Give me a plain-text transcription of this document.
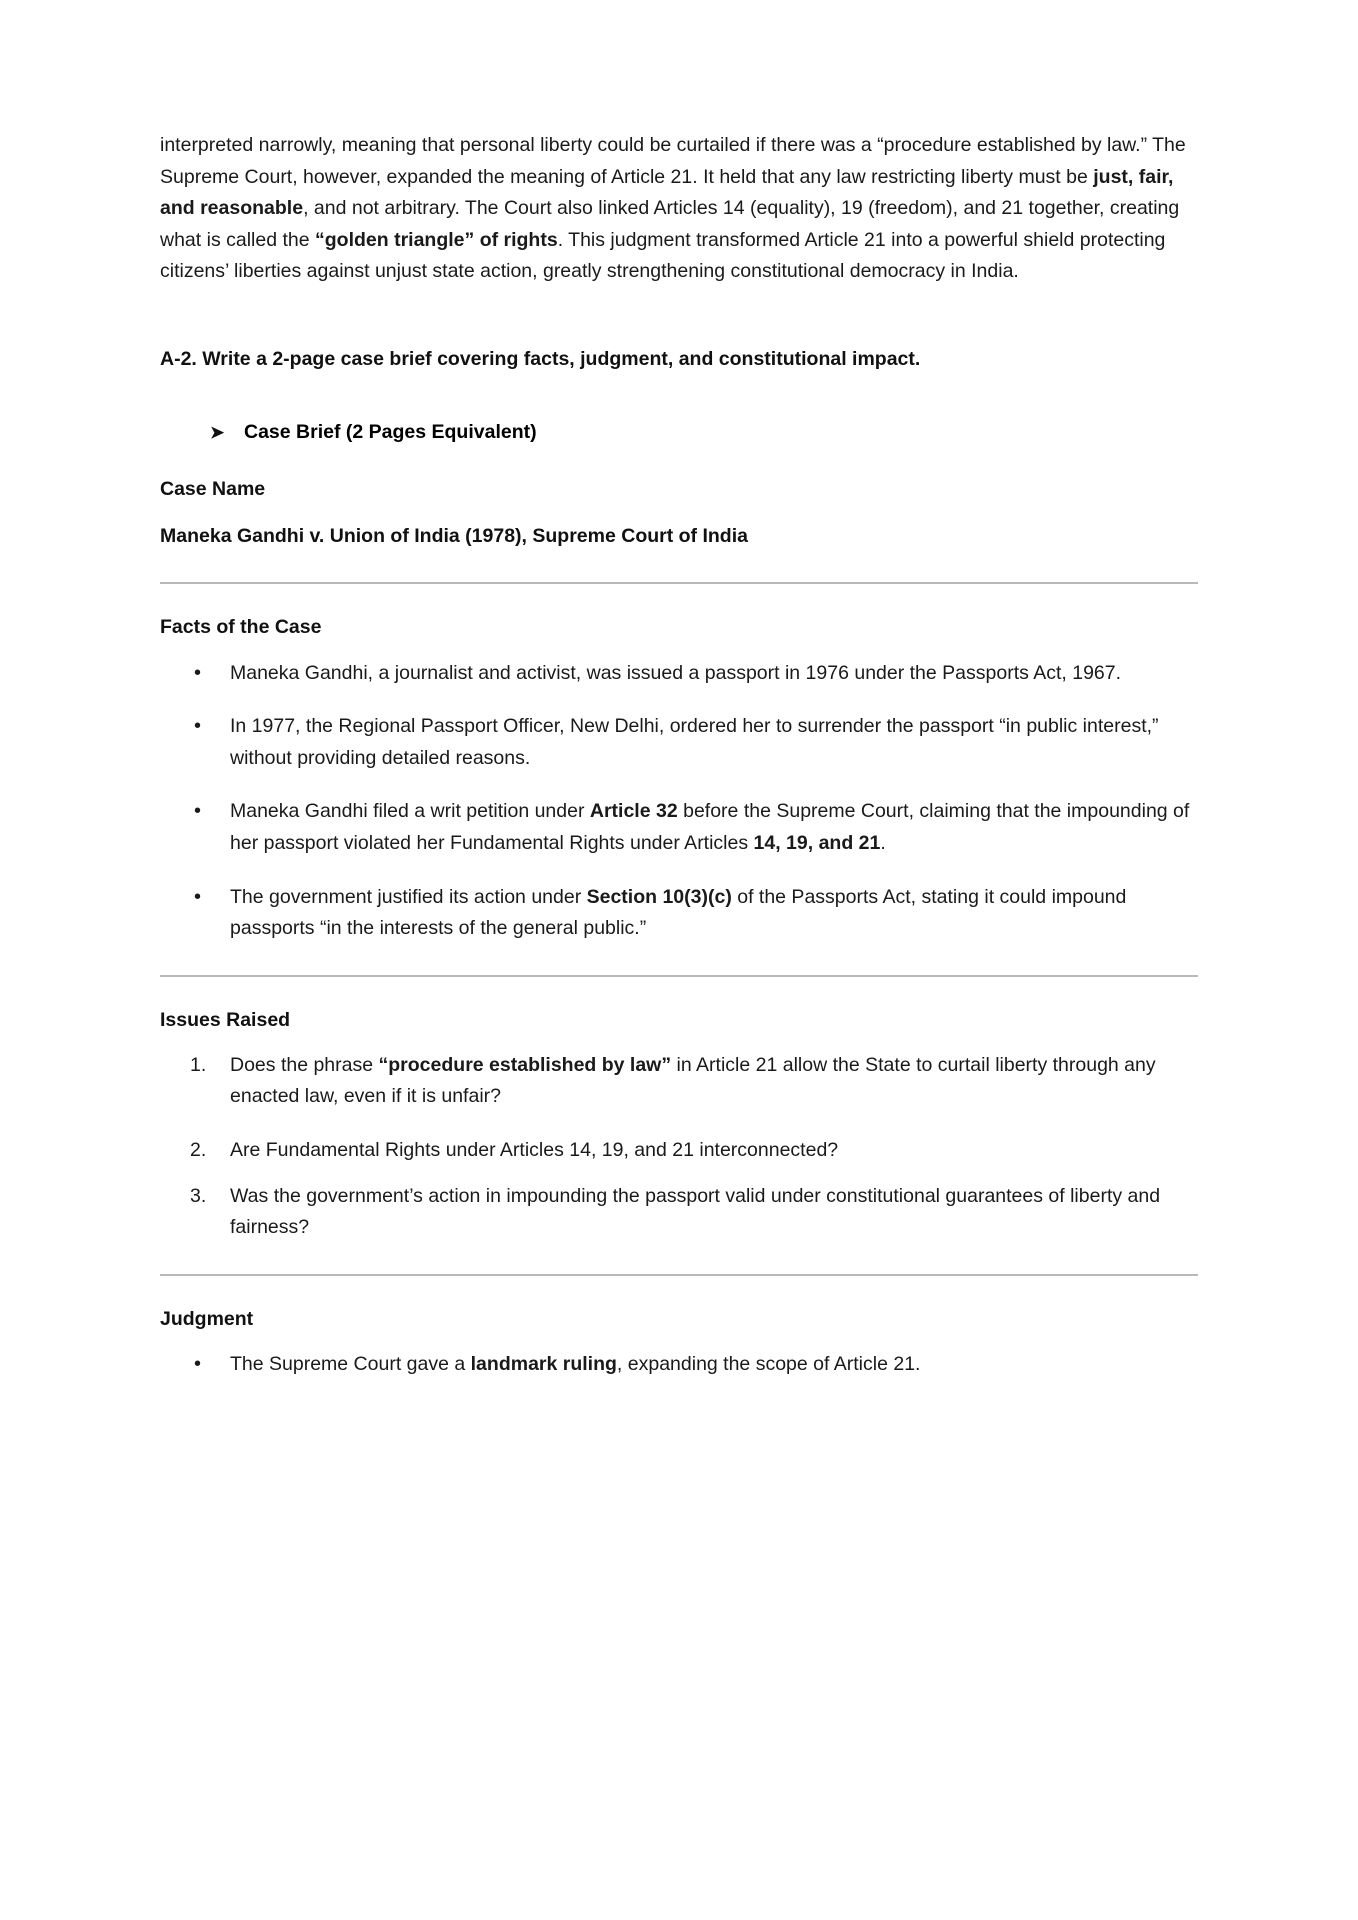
interpreted narrowly, meaning that personal liberty could be curtailed if there was a “procedure established by law.” The Supreme Court, however, expanded the meaning of Article 21. It held that any law restricting liberty must be just, fair, and reasonable, and not arbitrary. The Court also linked Articles 14 (equality), 19 (freedom), and 21 together, creating what is called the “golden triangle” of rights. This judgment transformed Article 21 into a powerful shield protecting citizens’ liberties against unjust state action, greatly strengthening constitutional democracy in India.

A-2. Write a 2-page case brief covering facts, judgment, and constitutional impact.

➤	Case Brief (2 Pages Equivalent)

Case Name

Maneka Gandhi v. Union of India (1978), Supreme Court of India

Facts of the Case

• Maneka Gandhi, a journalist and activist, was issued a passport in 1976 under the Passports Act, 1967.
• In 1977, the Regional Passport Officer, New Delhi, ordered her to surrender the passport “in public interest,” without providing detailed reasons.
• Maneka Gandhi filed a writ petition under Article 32 before the Supreme Court, claiming that the impounding of her passport violated her Fundamental Rights under Articles 14, 19, and 21.
• The government justified its action under Section 10(3)(c) of the Passports Act, stating it could impound passports “in the interests of the general public.”

Issues Raised

Does the phrase “procedure established by law” in Article 21 allow the State to curtail liberty through any enacted law, even if it is unfair?
Are Fundamental Rights under Articles 14, 19, and 21 interconnected?
Was the government’s action in impounding the passport valid under constitutional guarantees of liberty and fairness?

Judgment

• The Supreme Court gave a landmark ruling, expanding the scope of Article 21.
